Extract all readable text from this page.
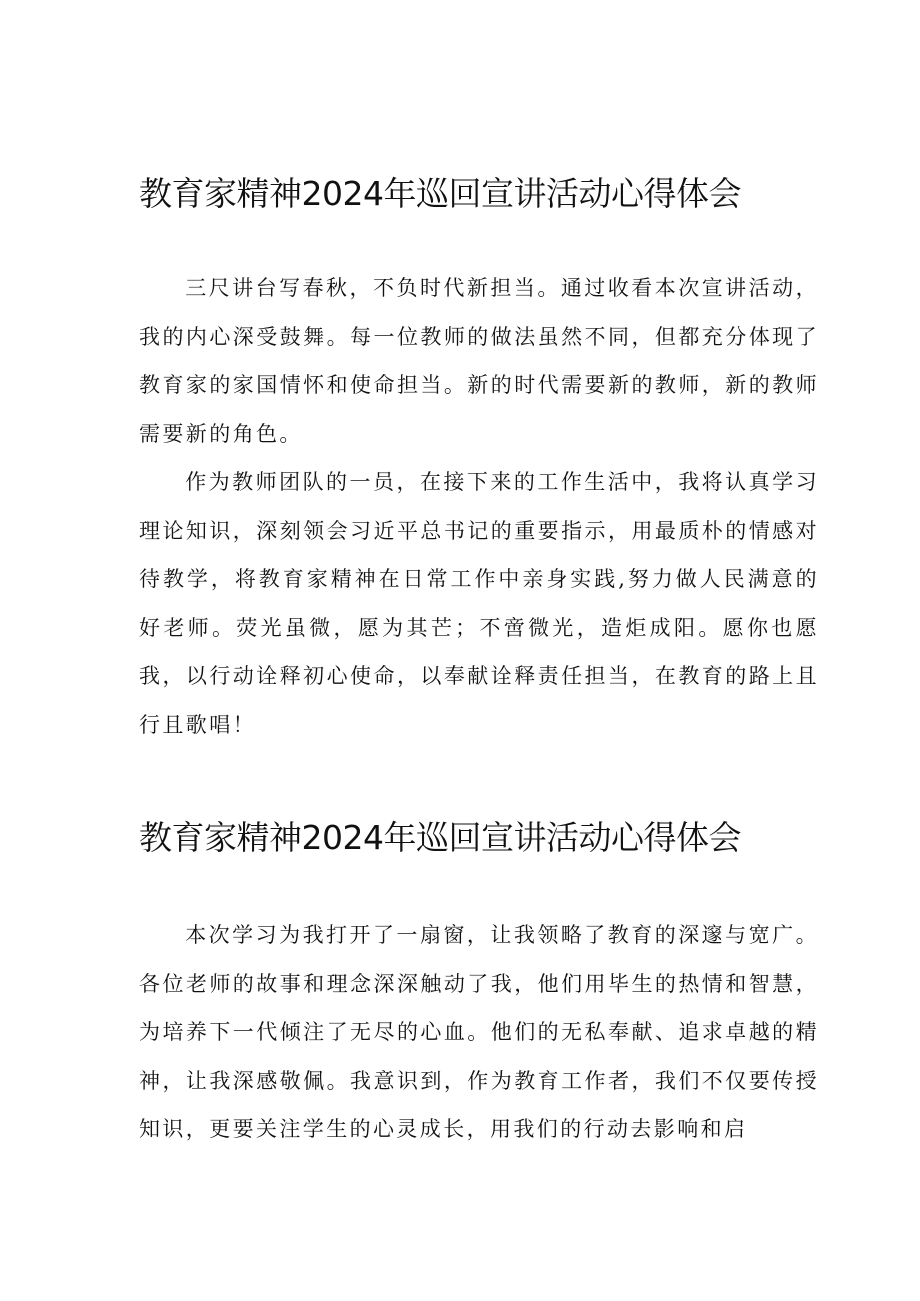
教育家精神2024年巡回宣讲活动心得体会

三尺讲台写春秋，不负时代新担当。通过收看本次宣讲活动，我的内心深受鼓舞。每一位教师的做法虽然不同，但都充分体现了教育家的家国情怀和使命担当。新的时代需要新的教师，新的教师需要新的角色。

作为教师团队的一员，在接下来的工作生活中，我将认真学习理论知识，深刻领会习近平总书记的重要指示，用最质朴的情感对待教学，将教育家精神在日常工作中亲身实践,努力做人民满意的好老师。荧光虽微，愿为其芒；不啻微光，造炬成阳。愿你也愿我，以行动诠释初心使命，以奉献诠释责任担当，在教育的路上且行且歌唱！

教育家精神2024年巡回宣讲活动心得体会

本次学习为我打开了一扇窗，让我领略了教育的深邃与宽广。各位老师的故事和理念深深触动了我，他们用毕生的热情和智慧，为培养下一代倾注了无尽的心血。他们的无私奉献、追求卓越的精神，让我深感敬佩。我意识到，作为教育工作者，我们不仅要传授知识，更要关注学生的心灵成长，用我们的行动去影响和启
